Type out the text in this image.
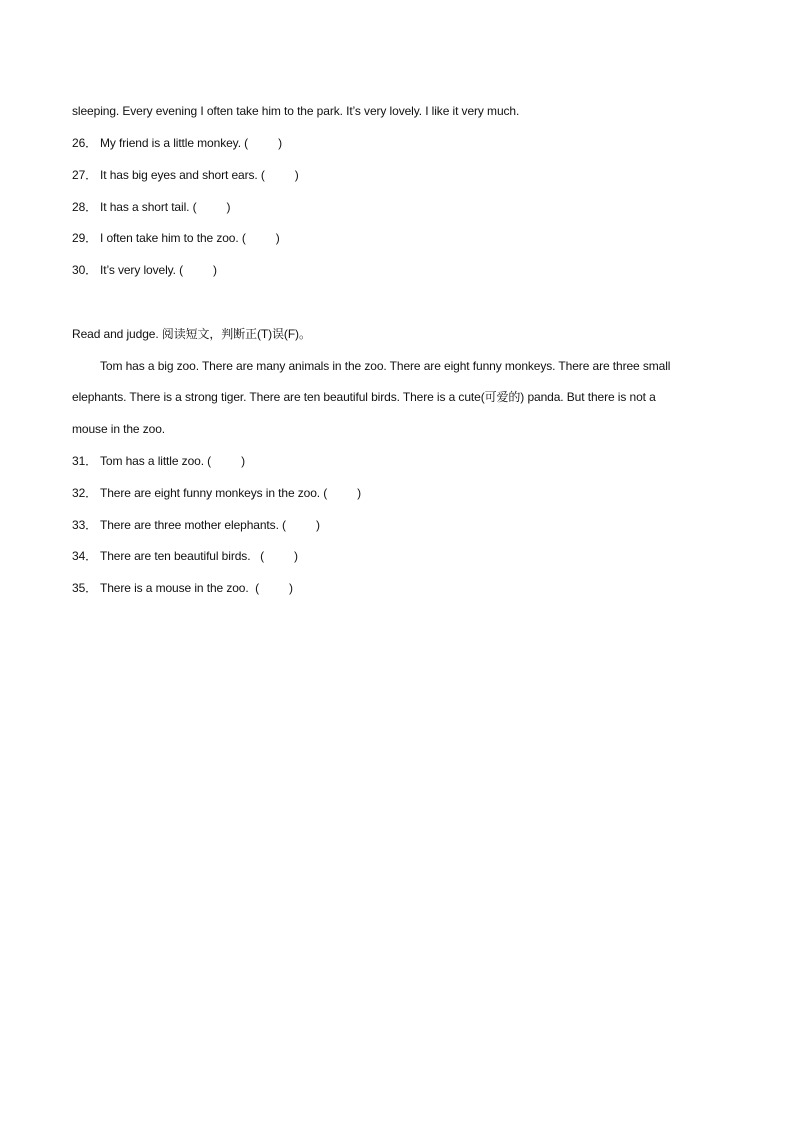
sleeping. Every evening I often take him to the park. It’s very lovely. I like it very much.
26． My friend is a little monkey. (	)
27． It has big eyes and short ears. (	)
28． It has a short tail. (	)
29． I often take him to the zoo. (	)
30． It’s very lovely. (	)
Read and judge. 阅读短文，判断正(T)误(F)。
Tom has a big zoo. There are many animals in the zoo. There are eight funny monkeys. There are three small
elephants. There is a strong tiger. There are ten beautiful birds. There is a cute(可爱的) panda. But there is not a
mouse in the zoo.
31． Tom has a little zoo. (	)
32． There are eight funny monkeys in the zoo. (	)
33． There are three mother elephants. (	)
34． There are ten beautiful birds.   (	)
35． There is a mouse in the zoo.  (	)
